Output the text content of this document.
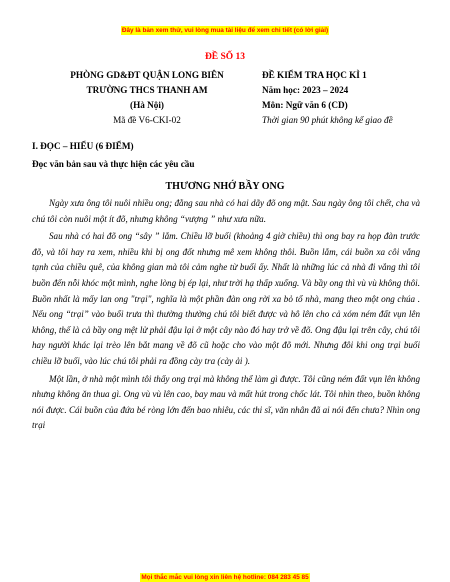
Đây là bản xem thử, vui lòng mua tài liệu để xem chi tiết (có lời giải)
ĐỀ SỐ 13
PHÒNG GD&ĐT QUẬN LONG BIÊN
TRƯỜNG THCS THANH AM
(Hà Nội)
Mã đề V6-CKI-02
ĐỀ KIỂM TRA HỌC KÌ 1
Năm học: 2023 – 2024
Môn: Ngữ văn 6 (CD)
Thời gian 90 phút không kể giao đề
I. ĐỌC – HIỂU (6 ĐIỂM)
Đọc văn bản sau và thực hiện các yêu cầu
THƯƠNG NHỚ BẦY ONG

Ngày xưa ông tôi nuôi nhiều ong; đằng sau nhà có hai dãy đõ ong mật. Sau ngày ông tôi chết, cha và chú tôi còn nuôi một ít đõ, nhưng không “vượng ” như xưa nữa.

Sau nhà có hai đõ ong “sây ” lắm. Chiều lỡ buổi (khoảng 4 giờ chiều) thì ong bay ra họp đàn trước đõ, và tôi hay ra xem, nhiều khi bị ong đốt nhưng mê xem không thôi. Buồn lắm, cái buồn xa côi vắng tạnh của chiều quê, của không gian mà tôi cảm nghe từ buổi ấy. Nhất là những lúc cả nhà đi vắng thì tôi buồn đến nỗi khóc một mình, nghe lòng bị ép lại, như trời hạ thấp xuống. Và bầy ong thì vù vù không thôi. Buồn nhất là mấy lan ong "trại", nghĩa là một phần đàn ong rời xa bỏ tổ nhà, mang theo một ong chúa . Nếu ong “trại” vào buổi trưa thì thường thường chú tôi biết được và hô lên cho cả xóm ném đất vụn lên không, thế là cả bầy ong mệt lử phải đậu lại ở một cây nào đó hay trở về đõ. Ong đậu lại trên cây, chú tôi hay người khác lại trèo lên bắt mang về đõ cũ hoặc cho vào một đõ mới. Nhưng đôi khi ong trại buổi chiều lỡ buổi, vào lúc chú tôi phải ra đồng cày tra (cày ải ).

Một lần, ở nhà một mình tôi thấy ong trại mà không thể làm gì được. Tôi cũng ném đất vụn lên không nhưng không ăn thua gì. Ong vù vù lên cao, bay mau và mất hút trong chốc lát. Tôi nhìn theo, buồn không nói được. Cái buồn của đứa bé ròng lớn đến bao nhiêu, các thi sĩ, văn nhân đã ai nói đến chưa? Nhìn ong trại

Mọi thắc mắc vui lòng xin liên hệ hotline: 084 283 45 85
